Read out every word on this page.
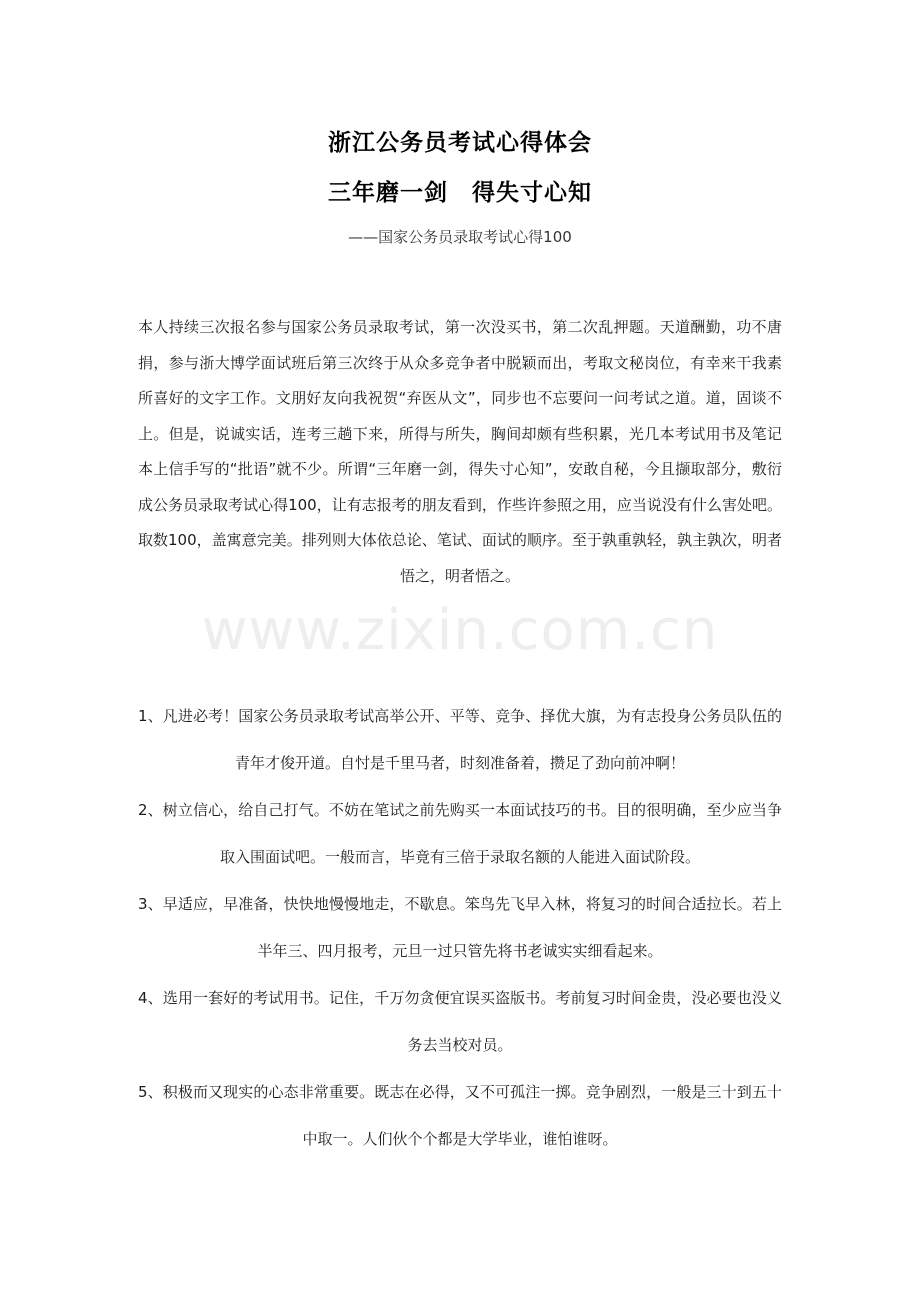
www.zixin.com.cn
浙江公务员考试心得体会
三年磨一剑　得失寸心知
——国家公务员录取考试心得100
本人持续三次报名参与国家公务员录取考试，第一次没买书，第二次乱押题。天道酬勤，功不唐捐，参与浙大博学面试班后第三次终于从众多竞争者中脱颖而出，考取文秘岗位，有幸来干我素所喜好的文字工作。文朋好友向我祝贺“弃医从文”，同步也不忘要问一问考试之道。道，固谈不上。但是，说诚实话，连考三趟下来，所得与所失，胸间却颇有些积累，光几本考试用书及笔记本上信手写的“批语”就不少。所谓“三年磨一剑，得失寸心知”，安敢自秘，今且撷取部分，敷衍成公务员录取考试心得100，让有志报考的朋友看到，作些许参照之用，应当说没有什么害处吧。取数100，盖寓意完美。排列则大体依总论、笔试、面试的顺序。至于孰重孰轻，孰主孰次，明者悟之，明者悟之。
1、凡进必考！国家公务员录取考试高举公开、平等、竞争、择优大旗，为有志投身公务员队伍的青年才俊开道。自忖是千里马者，时刻准备着，攒足了劲向前冲啊！
2、树立信心，给自己打气。不妨在笔试之前先购买一本面试技巧的书。目的很明确，至少应当争取入围面试吧。一般而言，毕竟有三倍于录取名额的人能进入面试阶段。
3、早适应，早准备，快快地慢慢地走，不歇息。笨鸟先飞早入林，将复习的时间合适拉长。若上半年三、四月报考，元旦一过只管先将书老诚实实细看起来。
4、选用一套好的考试用书。记住，千万勿贪便宜误买盗版书。考前复习时间金贵，没必要也没义务去当校对员。
5、积极而又现实的心态非常重要。既志在必得，又不可孤注一掷。竞争剧烈，一般是三十到五十中取一。人们伙个个都是大学毕业，谁怕谁呀。
